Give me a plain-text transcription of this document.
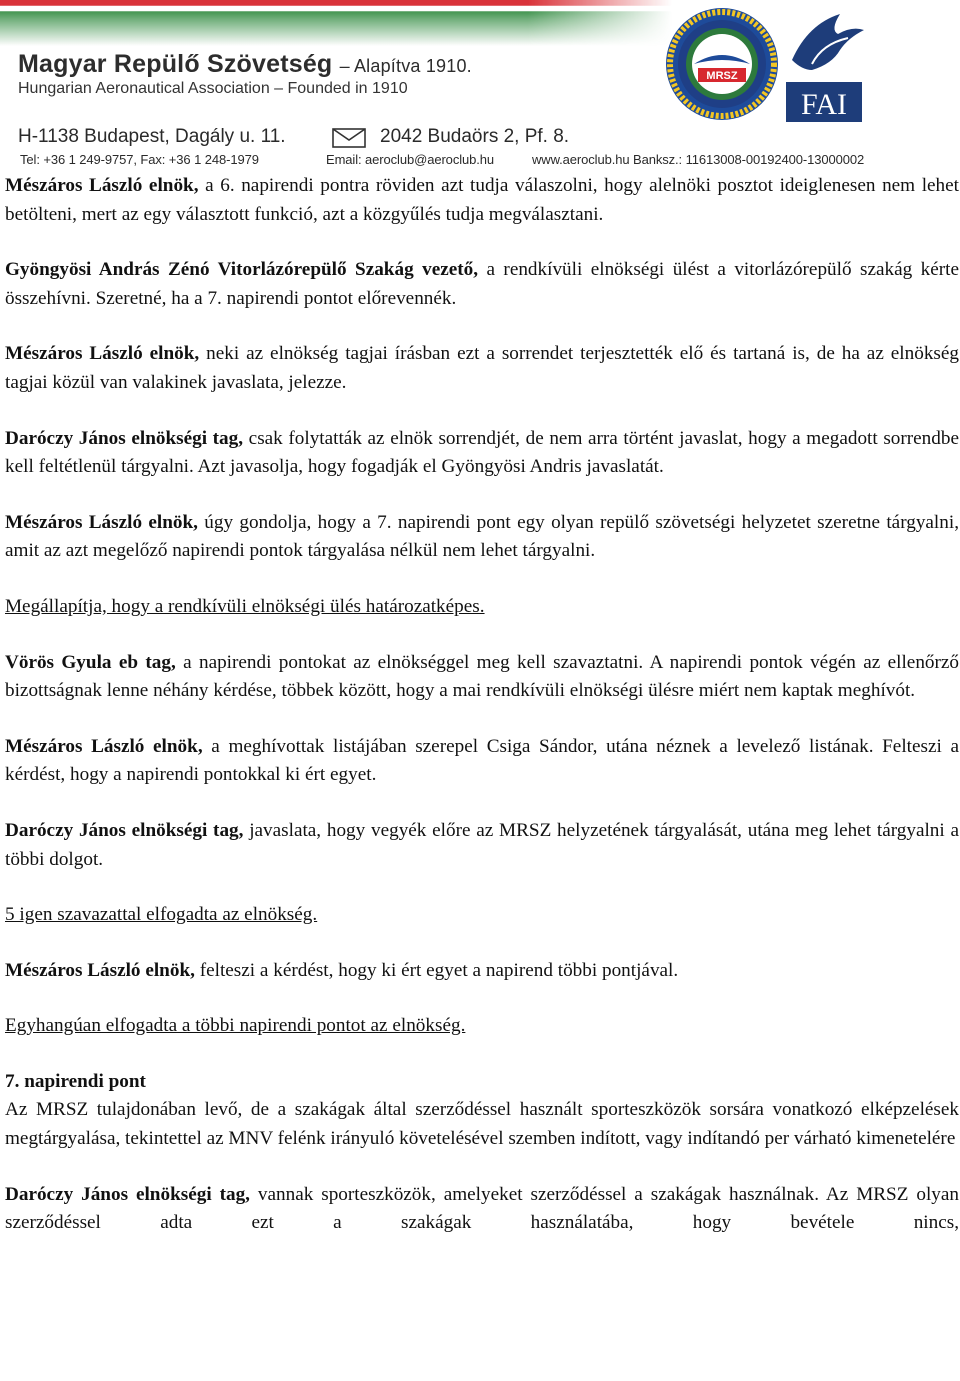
Magyar Repülő Szövetség – Alapítva 1910.
Hungarian Aeronautical Association – Founded in 1910
H-1138 Budapest, Dagály u. 11.	2042 Budaörs 2, Pf. 8.
Tel: +36 1 249-9757, Fax: +36 1 248-1979	Email: aeroclub@aeroclub.hu	www.aeroclub.hu Banksz.: 11613008-00192400-13000002
MRSZ
FAI

Mészáros László elnök, a 6. napirendi pontra röviden azt tudja válaszolni, hogy alelnöki posztot ideiglenesen nem lehet betölteni, mert az egy választott funkció, azt a közgyűlés tudja megválasztani.

Gyöngyösi András Zénó Vitorlázórepülő Szakág vezető, a rendkívüli elnökségi ülést a vitorlázórepülő szakág kérte összehívni. Szeretné, ha a 7. napirendi pontot előrevennék.

Mészáros László elnök, neki az elnökség tagjai írásban ezt a sorrendet terjesztették elő és tartaná is, de ha az elnökség tagjai közül van valakinek javaslata, jelezze.

Daróczy János elnökségi tag, csak folytatták az elnök sorrendjét, de nem arra történt javaslat, hogy a megadott sorrendbe kell feltétlenül tárgyalni. Azt javasolja, hogy fogadják el Gyöngyösi Andris javaslatát.

Mészáros László elnök, úgy gondolja, hogy a 7. napirendi pont egy olyan repülő szövetségi helyzetet szeretne tárgyalni, amit az azt megelőző napirendi pontok tárgyalása nélkül nem lehet tárgyalni.

Megállapítja, hogy a rendkívüli elnökségi ülés határozatképes.

Vörös Gyula eb tag, a napirendi pontokat az elnökséggel meg kell szavaztatni. A napirendi pontok végén az ellenőrző bizottságnak lenne néhány kérdése, többek között, hogy a mai rendkívüli elnökségi ülésre miért nem kaptak meghívót.

Mészáros László elnök, a meghívottak listájában szerepel Csiga Sándor, utána néznek a levelező listának. Felteszi a kérdést, hogy a napirendi pontokkal ki ért egyet.

Daróczy János elnökségi tag, javaslata, hogy vegyék előre az MRSZ helyzetének tárgyalását, utána meg lehet tárgyalni a többi dolgot.

5 igen szavazattal elfogadta az elnökség.

Mészáros László elnök, felteszi a kérdést, hogy ki ért egyet a napirend többi pontjával.

Egyhangúan elfogadta a többi napirendi pontot az elnökség.

7. napirendi pont

Az MRSZ tulajdonában levő, de a szakágak által szerződéssel használt sporteszközök sorsára vonatkozó elképzelések megtárgyalása, tekintettel az MNV felénk irányuló követelésével szemben indított, vagy indítandó per várható kimenetelére

Daróczy János elnökségi tag, vannak sporteszközök, amelyeket szerződéssel a szakágak használnak. Az MRSZ olyan szerződéssel adta ezt a szakágak használatába, hogy bevétele nincs,
